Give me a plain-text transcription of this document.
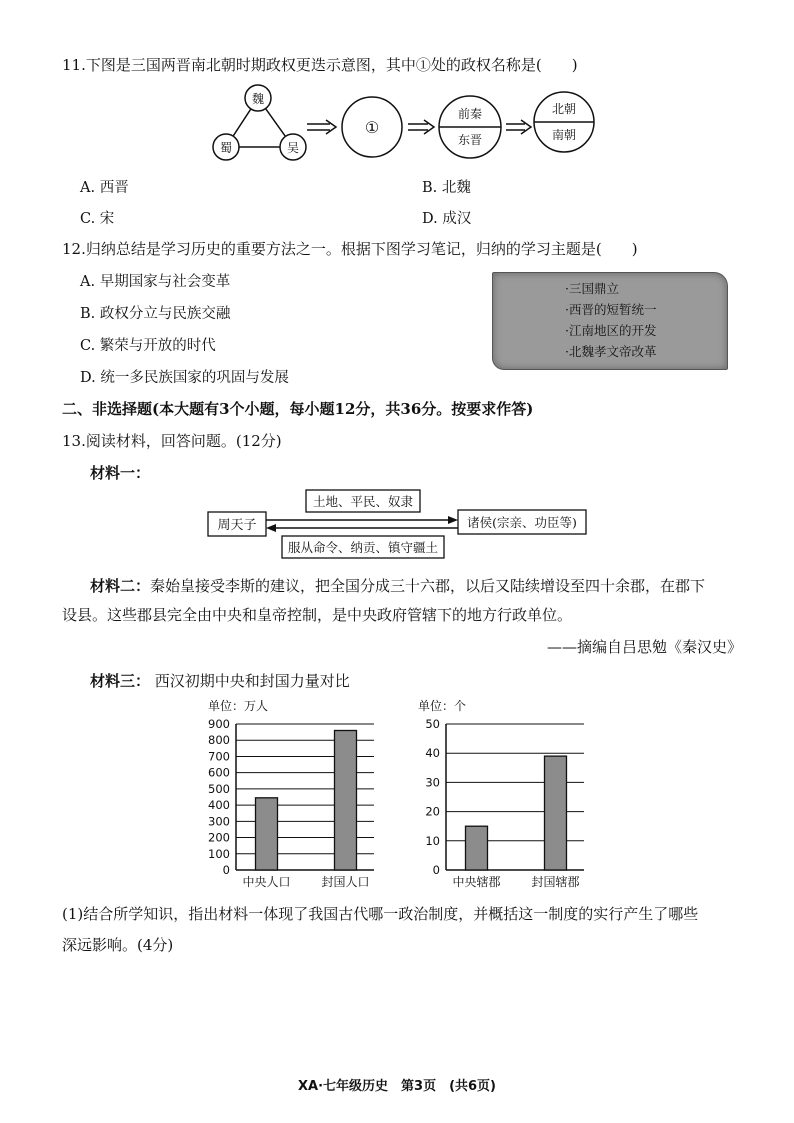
11.下图是三国两晋南北朝时期政权更迭示意图，其中①处的政权名称是(　　)
魏
蜀	吴
①
前秦
东晋
北朝
南朝
A. 西晋	B. 北魏
C. 宋	D. 成汉
12.归纳总结是学习历史的重要方法之一。根据下图学习笔记，归纳的学习主题是(　　)
A. 早期国家与社会变革
B. 政权分立与民族交融
C. 繁荣与开放的时代
D. 统一多民族国家的巩固与发展
·三国鼎立
·西晋的短暂统一
·江南地区的开发
·北魏孝文帝改革
二、非选择题(本大题有3个小题，每小题12分，共36分。按要求作答)
13.阅读材料，回答问题。(12分)
材料一：
土地、平民、奴隶
周天子	诸侯(宗亲、功臣等)
服从命令、纳贡、镇守疆土
材料二：秦始皇接受李斯的建议，把全国分成三十六郡，以后又陆续增设至四十余郡，在郡下
设县。这些郡县完全由中央和皇帝控制，是中央政府管辖下的地方行政单位。
——摘编自吕思勉《秦汉史》
材料三： 西汉初期中央和封国力量对比
单位：万人
0
100
200
300
400
500
600
700
800
900
中央人口	封国人口
单位：个
0
10
20
30
40
50
中央辖郡	封国辖郡
(1)结合所学知识，指出材料一体现了我国古代哪一政治制度，并概括这一制度的实行产生了哪些
深远影响。(4分)
XA·七年级历史　第3页　(共6页)
